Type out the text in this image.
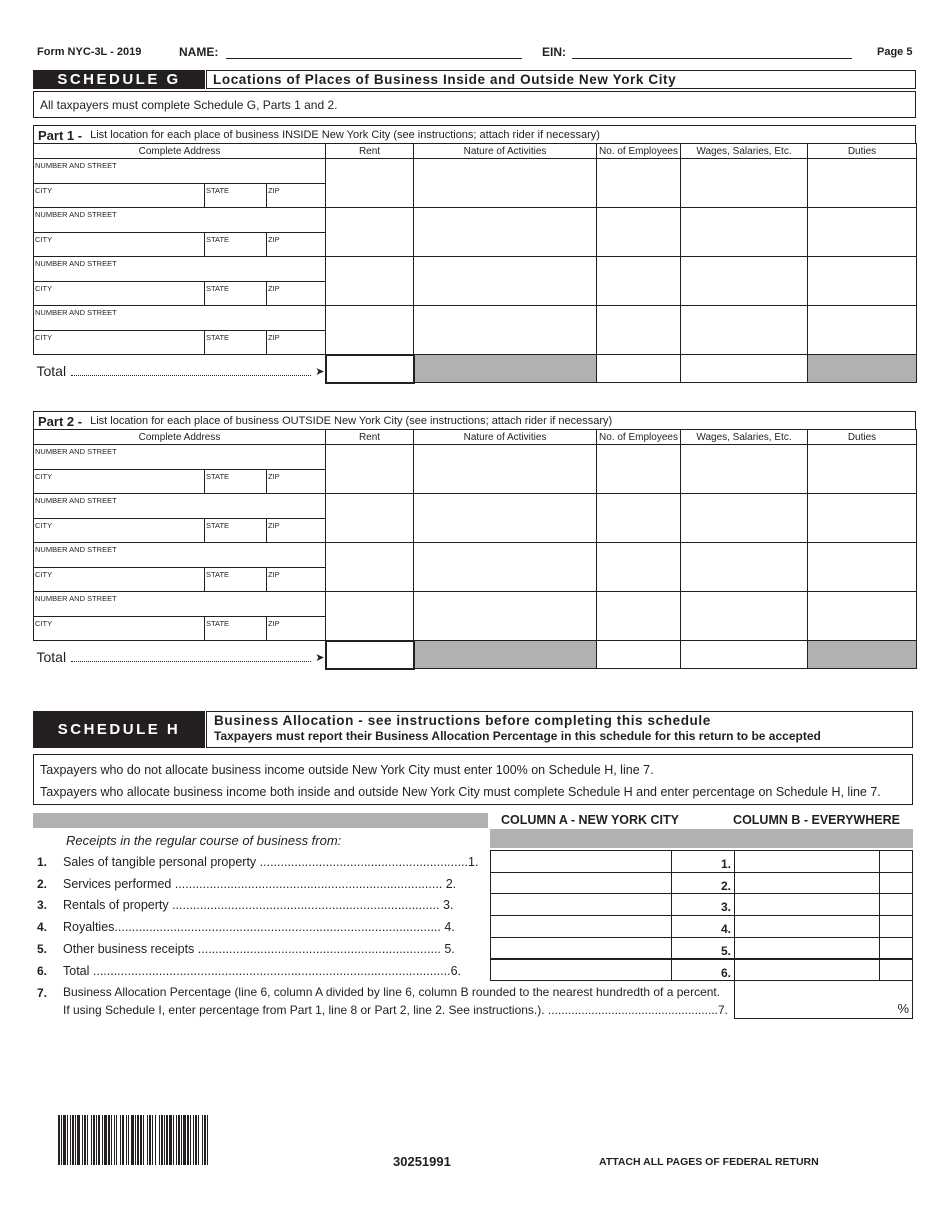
Form NYC-3L - 2019	NAME:	EIN:	Page 5
SCHEDULE G	Locations of Places of Business Inside and Outside New York City
All taxpayers must complete Schedule G, Parts 1 and 2.
Part 1 - List location for each place of business INSIDE New York City (see instructions; attach rider if necessary)
Complete Address	Rent	Nature of Activities	No. of Employees	Wages, Salaries, Etc.	Duties

NUMBER AND STREET
CITY STATE ZIP					

NUMBER AND STREET
CITY STATE ZIP					

NUMBER AND STREET
CITY STATE ZIP					

NUMBER AND STREET
CITY STATE ZIP					

Total ➤					

Part 2 - List location for each place of business OUTSIDE New York City (see instructions; attach rider if necessary)
Complete Address	Rent	Nature of Activities	No. of Employees	Wages, Salaries, Etc.	Duties

NUMBER AND STREET
CITY STATE ZIP					

NUMBER AND STREET
CITY STATE ZIP					

NUMBER AND STREET
CITY STATE ZIP					

NUMBER AND STREET
CITY STATE ZIP					

Total ➤					

SCHEDULE H
Business Allocation - see instructions before completing this schedule
Taxpayers must report their Business Allocation Percentage in this schedule for this return to be accepted
Taxpayers who do not allocate business income outside New York City must enter 100% on Schedule H, line 7.
Taxpayers who allocate business income both inside and outside New York City must complete Schedule H and enter percentage on Schedule H, line 7.
COLUMN A - NEW YORK CITY	COLUMN B - EVERYWHERE
Receipts in the regular course of business from:
1. Sales of tangible personal property ............................................................1.	1.
2. Services performed ............................................................................. 2.	2.
3. Rentals of property ............................................................................. 3.	3.
4. Royalties.............................................................................................. 4.	4.
5. Other business receipts ...................................................................... 5.	5.
6. Total .......................................................................................................6.	6.
7. Business Allocation Percentage (line 6, column A divided by line 6, column B rounded to the nearest hundredth of a percent.
If using Schedule I, enter percentage from Part 1, line 8 or Part 2, line 2. See instructions.). ...................................................7.	%
30251991	ATTACH ALL PAGES OF FEDERAL RETURN
